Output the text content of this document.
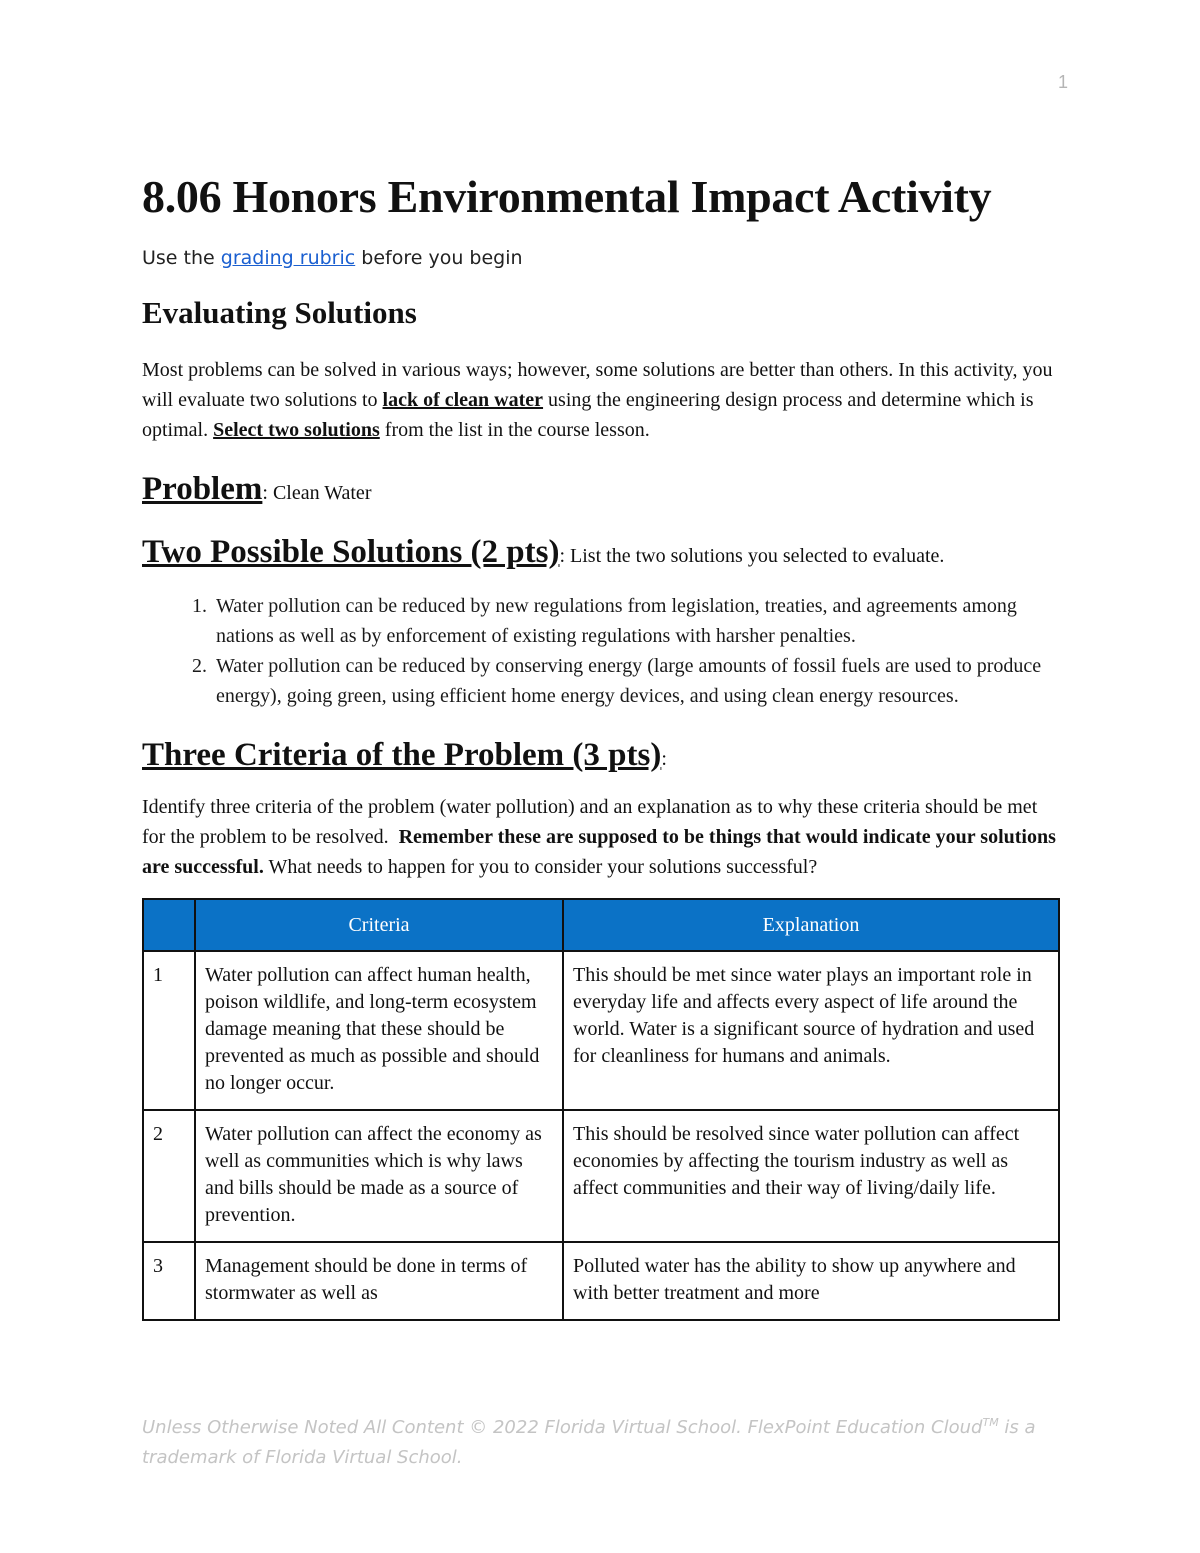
1
8.06 Honors Environmental Impact Activity
Use the grading rubric before you begin
Evaluating Solutions

Most problems can be solved in various ways; however, some solutions are better than others. In this activity, you will evaluate two solutions to lack of clean water using the engineering design process and determine which is optimal. Select two solutions from the list in the course lesson.

Problem: Clean Water
Two Possible Solutions (2 pts): List the two solutions you selected to evaluate.
1. Water pollution can be reduced by new regulations from legislation, treaties, and agreements among nations as well as by enforcement of existing regulations with harsher penalties.
2. Water pollution can be reduced by conserving energy (large amounts of fossil fuels are used to produce energy), going green, using efficient home energy devices, and using clean energy resources.
Three Criteria of the Problem (3 pts):

Identify three criteria of the problem (water pollution) and an explanation as to why these criteria should be met for the problem to be resolved. Remember these are supposed to be things that would indicate your solutions are successful. What needs to happen for you to consider your solutions successful?

	Criteria	Explanation
1	Water pollution can affect human health, poison wildlife, and long-term ecosystem damage meaning that these should be prevented as much as possible and should no longer occur.	This should be met since water plays an important role in everyday life and affects every aspect of life around the world. Water is a significant source of hydration and used for cleanliness for humans and animals.
2	Water pollution can affect the economy as well as communities which is why laws and bills should be made as a source of prevention.	This should be resolved since water pollution can affect economies by affecting the tourism industry as well as affect communities and their way of living/daily life.
3	Management should be done in terms of stormwater as well as	Polluted water has the ability to show up anywhere and with better treatment and more
Unless Otherwise Noted All Content © 2022 Florida Virtual School. FlexPoint Education Cloud™ is a trademark of Florida Virtual School.
